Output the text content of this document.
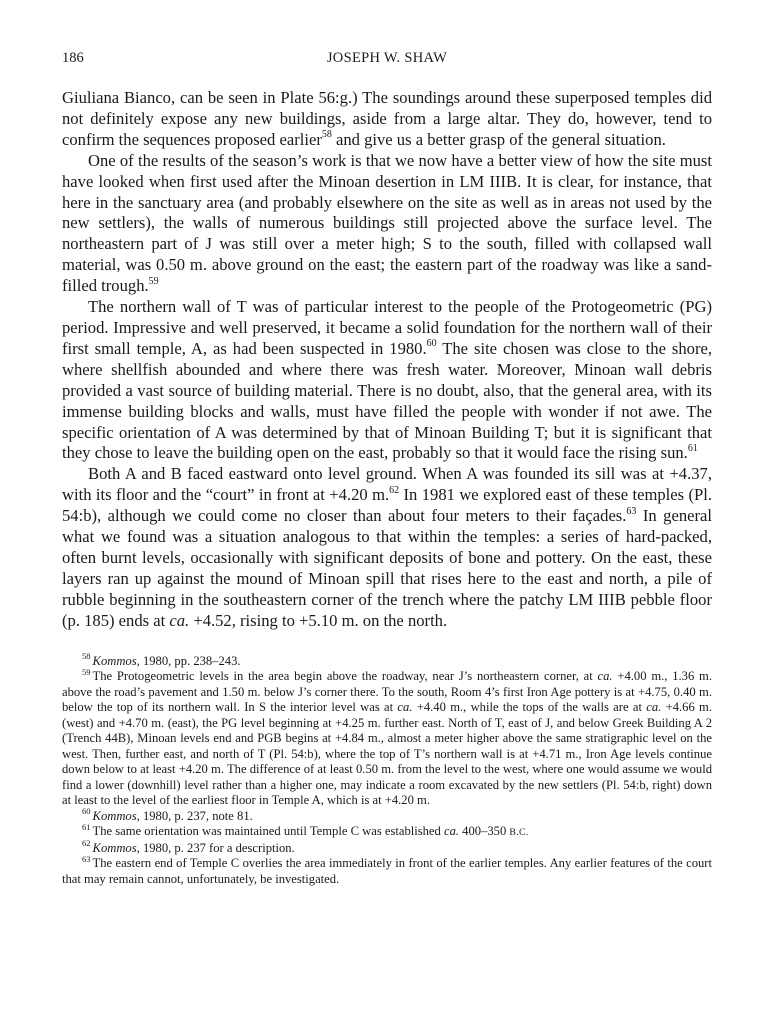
186	JOSEPH W. SHAW

Giuliana Bianco, can be seen in Plate 56:g.) The soundings around these superposed temples did not definitely expose any new buildings, aside from a large altar. They do, however, tend to confirm the sequences proposed earlier$^{58}$ and give us a better grasp of the general situation.

One of the results of the season’s work is that we now have a better view of how the site must have looked when first used after the Minoan desertion in LM IIIB. It is clear, for instance, that here in the sanctuary area (and probably elsewhere on the site as well as in areas not used by the new settlers), the walls of numerous buildings still projected above the surface level. The northeastern part of J was still over a meter high; S to the south, filled with collapsed wall material, was 0.50 m. above ground on the east; the eastern part of the roadway was like a sand-filled trough.$^{59}$

The northern wall of T was of particular interest to the people of the Protogeometric (PG) period. Impressive and well preserved, it became a solid foundation for the northern wall of their first small temple, A, as had been suspected in 1980.60 The site chosen was close to the shore, where shellfish abounded and where there was fresh water. Moreover, Minoan wall debris provided a vast source of building material. There is no doubt, also, that the general area, with its immense building blocks and walls, must have filled the people with wonder if not awe. The specific orientation of A was determined by that of Minoan Building T; but it is significant that they chose to leave the building open on the east, probably so that it would face the rising sun.$^{61}$

Both A and B faced eastward onto level ground. When A was founded its sill was at +4.37, with its floor and the “court” in front at +4.20 m.$^{62}$ In 1981 we explored east of these temples (Pl. 54:b), although we could come no closer than about four meters to their façades.$^{63}$ In general what we found was a situation analogous to that within the temples: a series of hard-packed, often burnt levels, occasionally with significant deposits of bone and pottery. On the east, these layers ran up against the mound of Minoan spill that rises here to the east and north, a pile of rubble beginning in the southeastern corner of the trench where the patchy LM IIIB pebble floor (p. 185) ends at ca. +4.52, rising to +5.10 m. on the north.

$^{58}$ Kommos, 1980, pp. 238–243.

$^{59}$ The Protogeometric levels in the area begin above the roadway, near J’s northeastern corner, at ca. +4.00 m., 1.36 m. above the road’s pavement and 1.50 m. below J’s corner there. To the south, Room 4’s first Iron Age pottery is at +4.75, 0.40 m. below the top of its northern wall. In S the interior level was at ca. +4.40 m., while the tops of the walls are at ca. +4.66 m. (west) and +4.70 m. (east), the PG level beginning at +4.25 m. further east. North of T, east of J, and below Greek Building A 2 (Trench 44B), Minoan levels end and PGB begins at +4.84 m., almost a meter higher above the same stratigraphic level on the west. Then, further east, and north of T (Pl. 54:b), where the top of T’s northern wall is at +4.71 m., Iron Age levels continue down below to at least +4.20 m. The difference of at least 0.50 m. from the level to the west, where one would assume we would find a lower (downhill) level rather than a higher one, may indicate a room excavated by the new settlers (Pl. 54:b, right) down at least to the level of the earliest floor in Temple A, which is at +4.20 m.

$^{60}$ Kommos, 1980, p. 237, note 81.

$^{61}$ The same orientation was maintained until Temple C was established ca. 400–350 B.C.

$^{62}$ Kommos, 1980, p. 237 for a description.

$^{63}$ The eastern end of Temple C overlies the area immediately in front of the earlier temples. Any earlier features of the court that may remain cannot, unfortunately, be investigated.
